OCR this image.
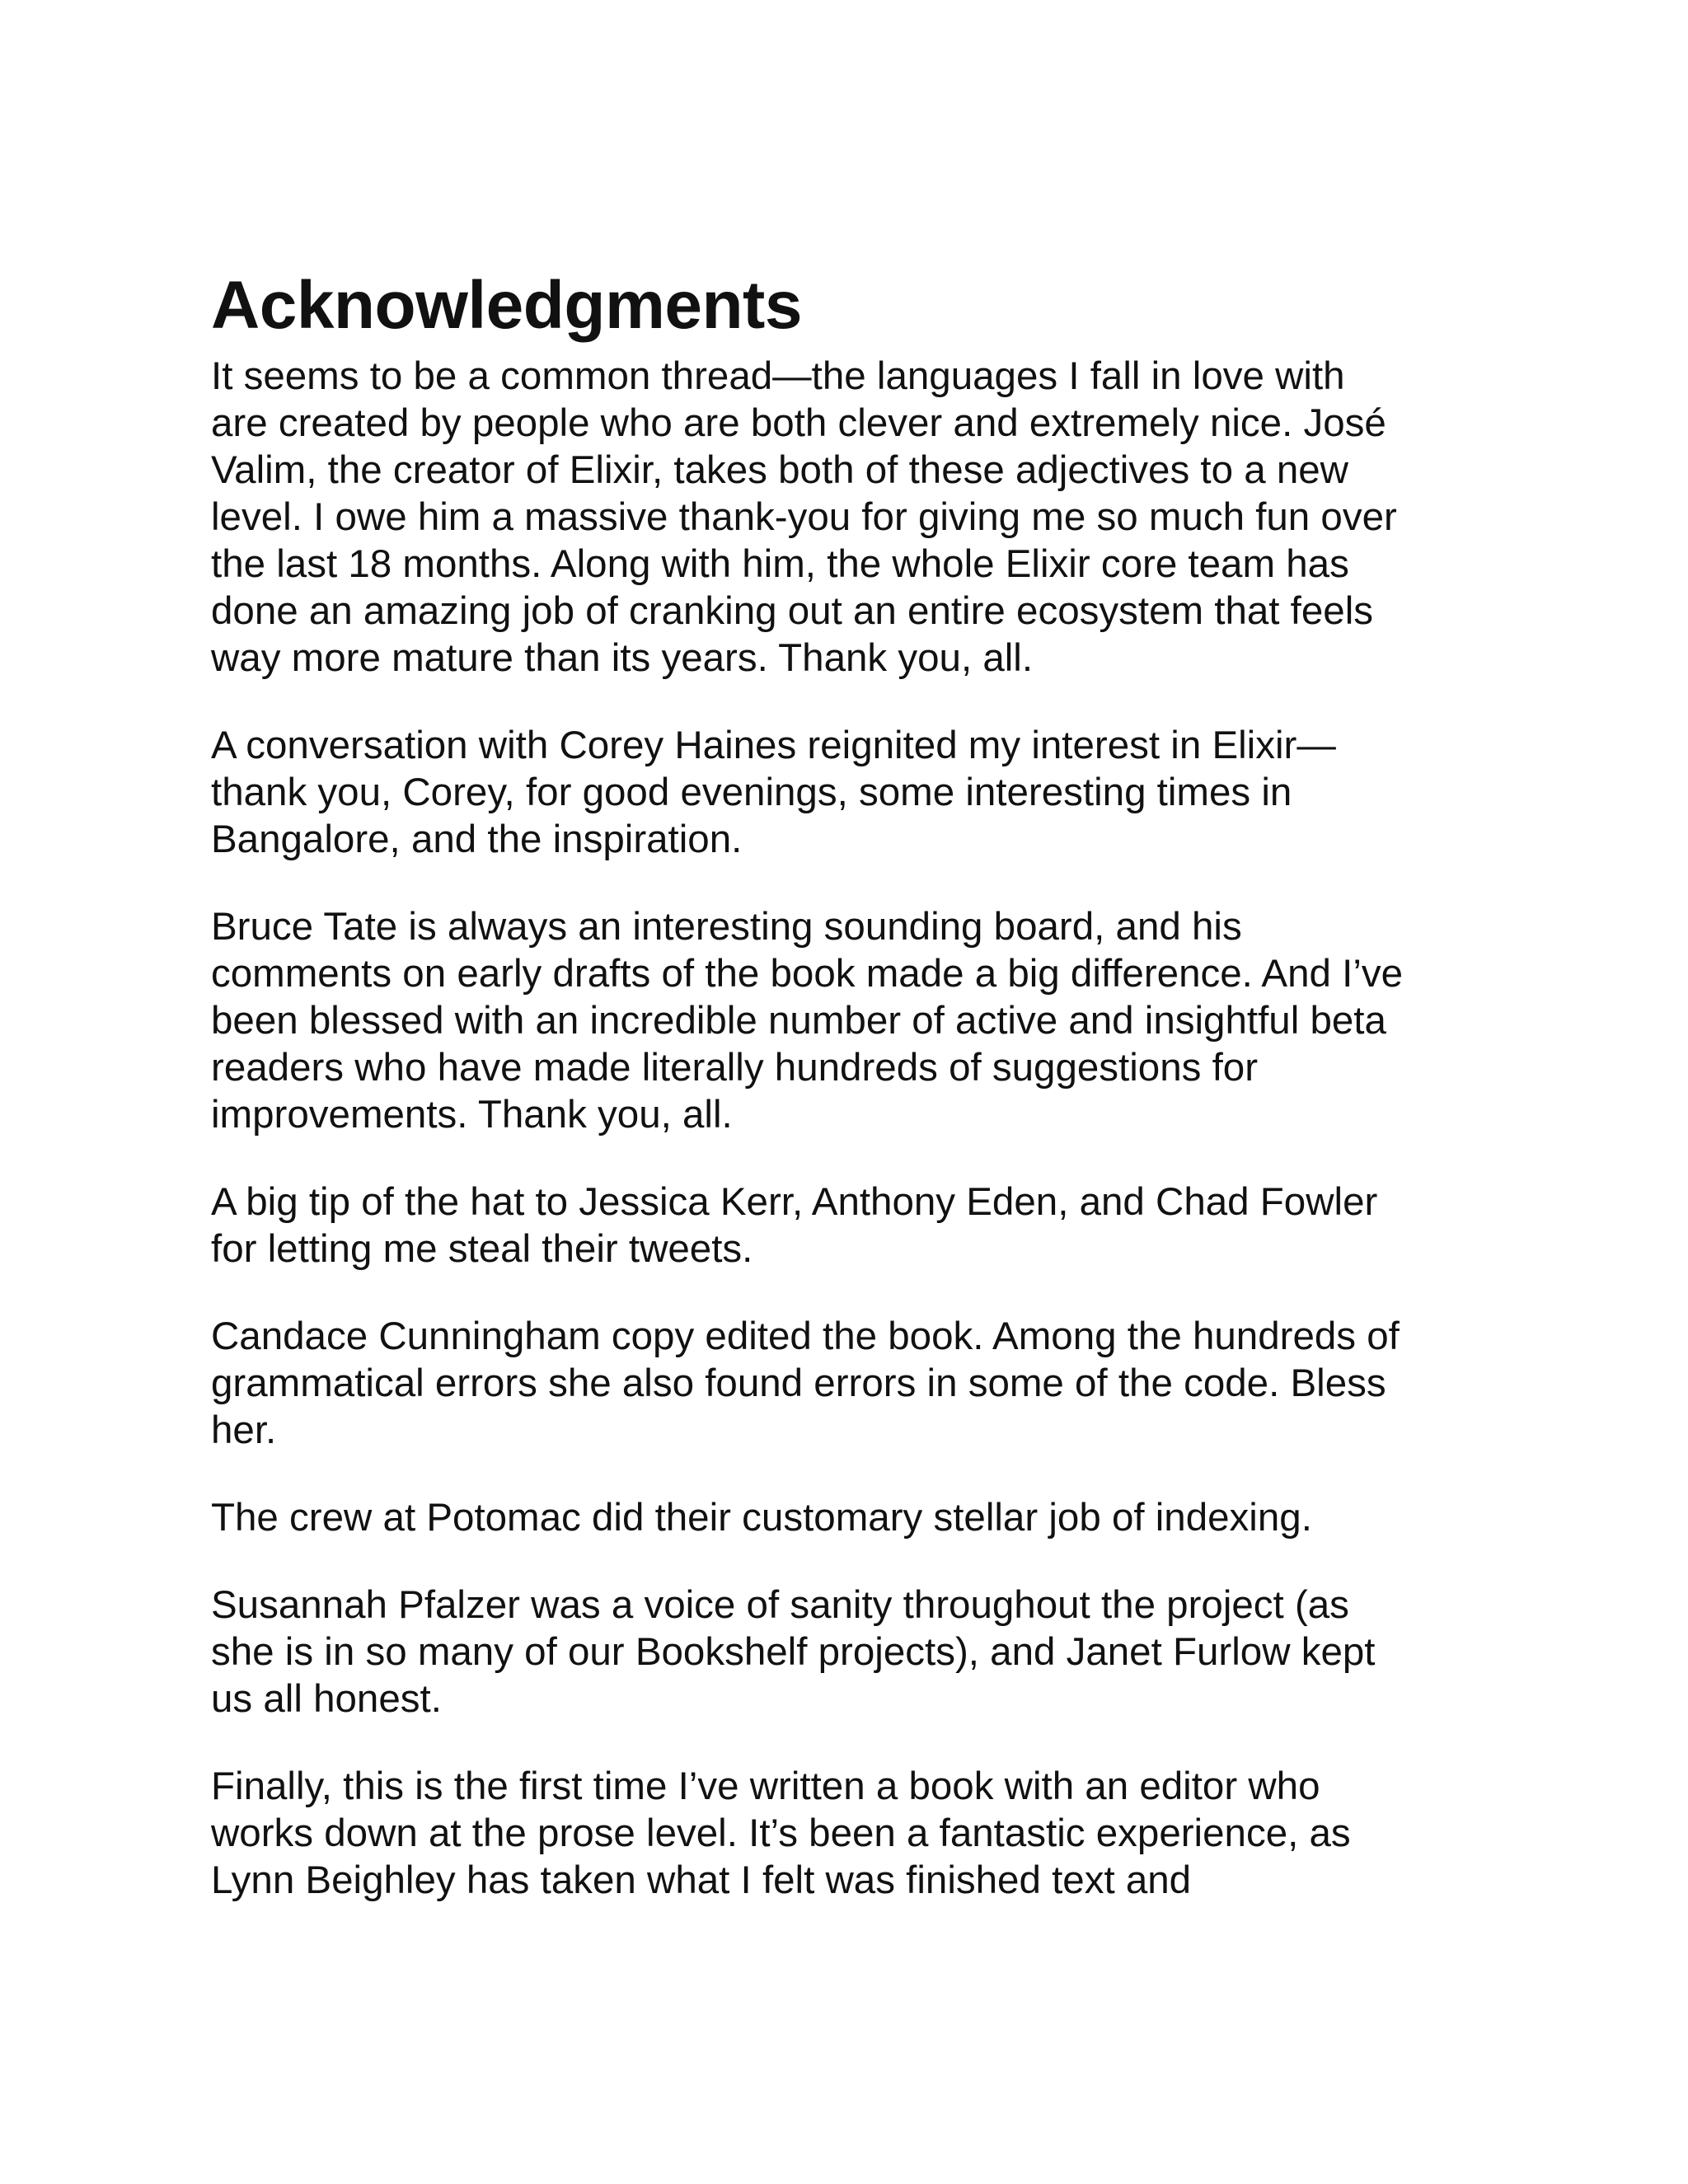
Acknowledgments

It seems to be a common thread—the languages I fall in love with
are created by people who are both clever and extremely nice. José
Valim, the creator of Elixir, takes both of these adjectives to a new
level. I owe him a massive thank-you for giving me so much fun over
the last 18 months. Along with him, the whole Elixir core team has
done an amazing job of cranking out an entire ecosystem that feels
way more mature than its years. Thank you, all.

A conversation with Corey Haines reignited my interest in Elixir—
thank you, Corey, for good evenings, some interesting times in
Bangalore, and the inspiration.

Bruce Tate is always an interesting sounding board, and his
comments on early drafts of the book made a big difference. And I’ve
been blessed with an incredible number of active and insightful beta
readers who have made literally hundreds of suggestions for
improvements. Thank you, all.

A big tip of the hat to Jessica Kerr, Anthony Eden, and Chad Fowler
for letting me steal their tweets.

Candace Cunningham copy edited the book. Among the hundreds of
grammatical errors she also found errors in some of the code. Bless
her.

The crew at Potomac did their customary stellar job of indexing.

Susannah Pfalzer was a voice of sanity throughout the project (as
she is in so many of our Bookshelf projects), and Janet Furlow kept
us all honest.

Finally, this is the first time I’ve written a book with an editor who
works down at the prose level. It’s been a fantastic experience, as
Lynn Beighley has taken what I felt was finished text and
